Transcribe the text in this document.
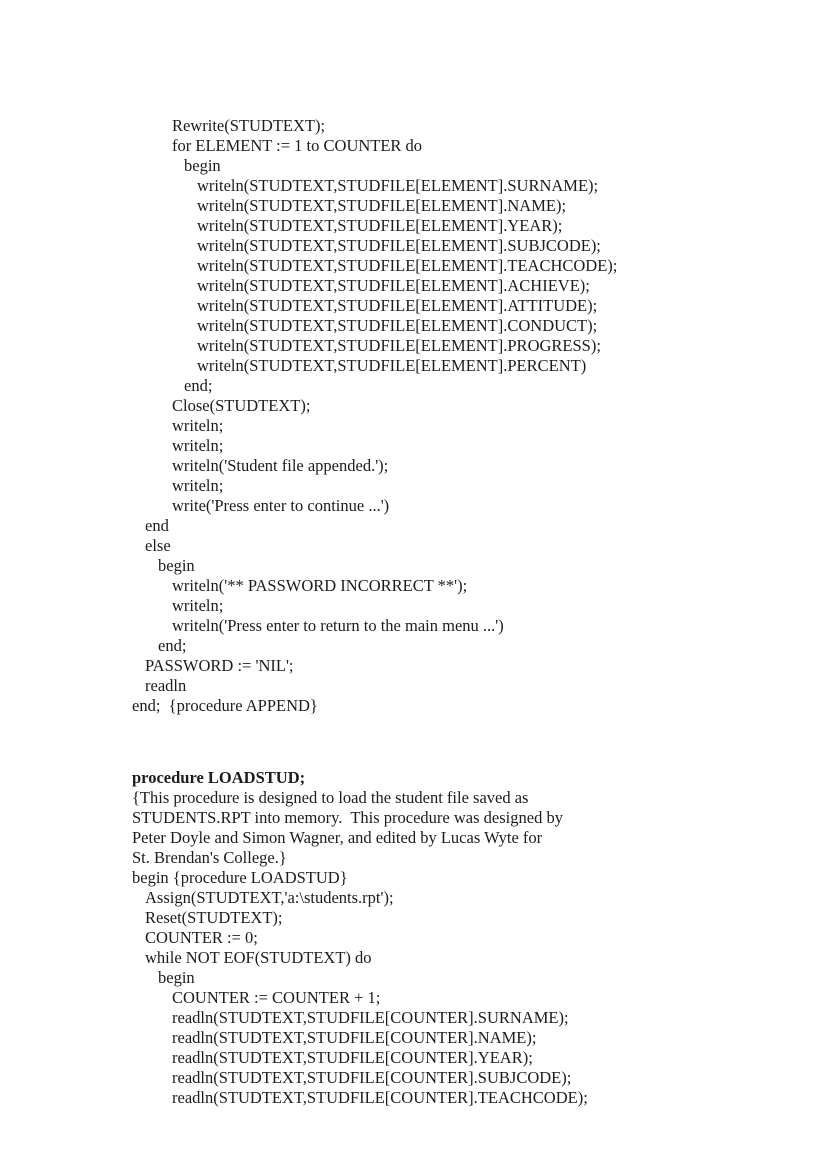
Rewrite(STUDTEXT);
for ELEMENT := 1 to COUNTER do
begin
writeln(STUDTEXT,STUDFILE[ELEMENT].SURNAME);
writeln(STUDTEXT,STUDFILE[ELEMENT].NAME);
writeln(STUDTEXT,STUDFILE[ELEMENT].YEAR);
writeln(STUDTEXT,STUDFILE[ELEMENT].SUBJCODE);
writeln(STUDTEXT,STUDFILE[ELEMENT].TEACHCODE);
writeln(STUDTEXT,STUDFILE[ELEMENT].ACHIEVE);
writeln(STUDTEXT,STUDFILE[ELEMENT].ATTITUDE);
writeln(STUDTEXT,STUDFILE[ELEMENT].CONDUCT);
writeln(STUDTEXT,STUDFILE[ELEMENT].PROGRESS);
writeln(STUDTEXT,STUDFILE[ELEMENT].PERCENT)
end;
Close(STUDTEXT);
writeln;
writeln;
writeln('Student file appended.');
writeln;
write('Press enter to continue ...')
end
else
begin
writeln('** PASSWORD INCORRECT **');
writeln;
writeln('Press enter to return to the main menu ...')
end;
PASSWORD := 'NIL';
readln
end;  {procedure APPEND}
procedure LOADSTUD;
{This procedure is designed to load the student file saved as
STUDENTS.RPT into memory.  This procedure was designed by
Peter Doyle and Simon Wagner, and edited by Lucas Wyte for
St. Brendan's College.}
begin {procedure LOADSTUD}
Assign(STUDTEXT,'a:\students.rpt');
Reset(STUDTEXT);
COUNTER := 0;
while NOT EOF(STUDTEXT) do
begin
COUNTER := COUNTER + 1;
readln(STUDTEXT,STUDFILE[COUNTER].SURNAME);
readln(STUDTEXT,STUDFILE[COUNTER].NAME);
readln(STUDTEXT,STUDFILE[COUNTER].YEAR);
readln(STUDTEXT,STUDFILE[COUNTER].SUBJCODE);
readln(STUDTEXT,STUDFILE[COUNTER].TEACHCODE);
